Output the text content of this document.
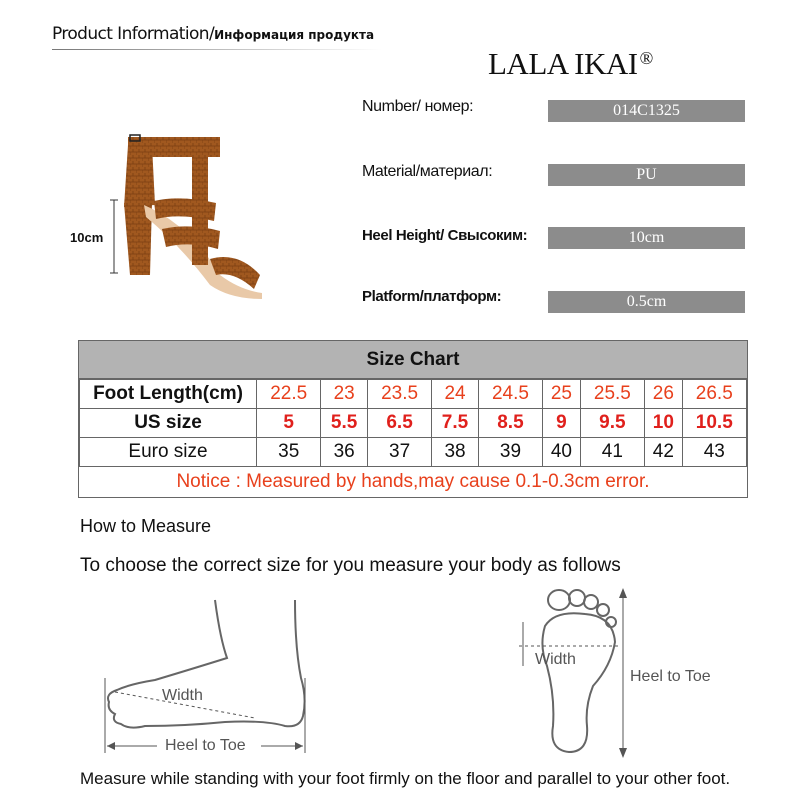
Product Information/Информация продукта
LALA IKAI ®
Number/ номер:	014C1325
Material/материал:	PU
Heel Height/ Cвысоким:	10cm
Platform/платформ:	0.5cm
10cm
Size Chart
Foot Length(cm)	22.5	23	23.5	24	24.5	25	25.5	26	26.5
US size	5	5.5	6.5	7.5	8.5	9	9.5	10	10.5
Euro size	35	36	37	38	39	40	41	42	43
Notice : Measured by hands,may cause 0.1-0.3cm error.
How to Measure
To choose the correct size for you measure your body as follows
Width
Heel to Toe
Width
Heel to Toe
Measure while standing with your foot firmly on the floor and parallel to your other foot.
